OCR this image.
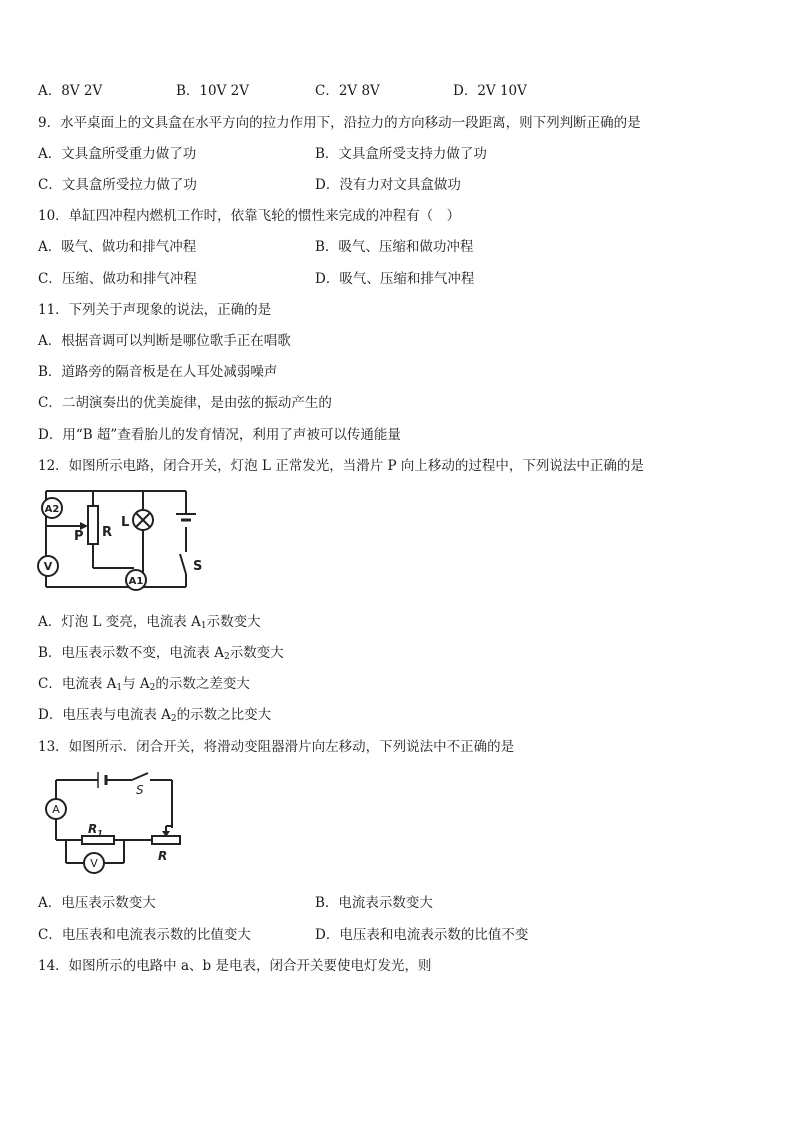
A．8V 2V	B．10V 2V	C．2V 8V	D．2V 10V
9．水平桌面上的文具盒在水平方向的拉力作用下，沿拉力的方向移动一段距离，则下列判断正确的是
A．文具盒所受重力做了功	B．文具盒所受支持力做了功
C．文具盒所受拉力做了功	D．没有力对文具盒做功
10．单缸四冲程内燃机工作时，依靠飞轮的惯性来完成的冲程有（　）
A．吸气、做功和排气冲程	B．吸气、压缩和做功冲程
C．压缩、做功和排气冲程	D．吸气、压缩和排气冲程
11．下列关于声现象的说法，正确的是
A．根据音调可以判断是哪位歌手正在唱歌
B．道路旁的隔音板是在人耳处减弱噪声
C．二胡演奏出的优美旋律，是由弦的振动产生的
D．用“B 超”查看胎儿的发育情况，利用了声被可以传通能量
12．如图所示电路，闭合开关，灯泡 L 正常发光，当滑片 P 向上移动的过程中，下列说法中正确的是
A2
V
A1
P R
L
S
A．灯泡 L 变亮，电流表 $A_1$示数变大
B．电压表示数不变，电流表 $A_2$示数变大
C．电流表 $A_1$与 $A_2$的示数之差变大
D．电压表与电流表 $A_2$的示数之比变大
13．如图所示．闭合开关，将滑动变阻器滑片向左移动，下列说法中不正确的是
A
V
S
$R_1$
R
A．电压表示数变大	B．电流表示数变大
C．电压表和电流表示数的比值变大	D．电压表和电流表示数的比值不变
14．如图所示的电路中 a、b 是电表，闭合开关要使电灯发光，则
